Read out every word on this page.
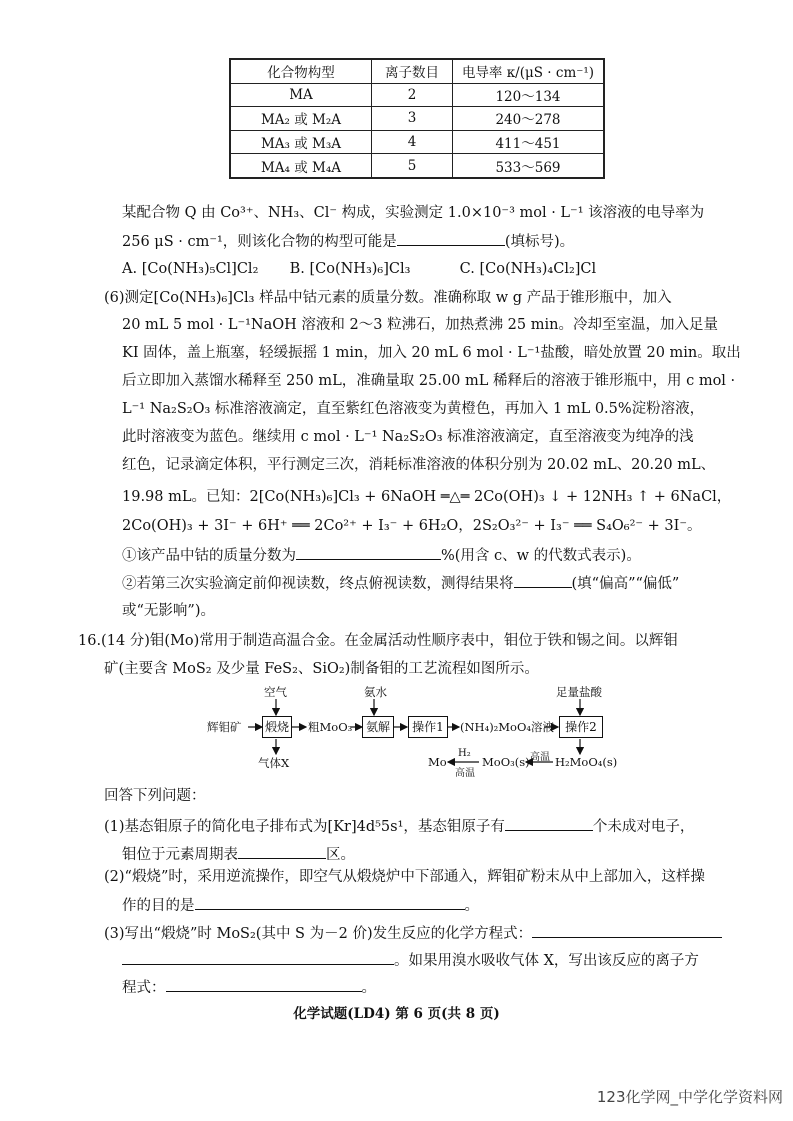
化合物构型	离子数目	电导率 κ/(μS · cm⁻¹)
MA	2	120～134
MA₂ 或 M₂A	3	240～278
MA₃ 或 M₃A	4	411～451
MA₄ 或 M₄A	5	533～569
某配合物 Q 由 Co³⁺、NH₃、Cl⁻ 构成，实验测定 1.0×10⁻³ mol · L⁻¹ 该溶液的电导率为
256 μS · cm⁻¹，则该化合物的构型可能是	(填标号)。
A. [Co(NH₃)₅Cl]Cl₂ B. [Co(NH₃)₆]Cl₃	C. [Co(NH₃)₄Cl₂]Cl
(6)测定[Co(NH₃)₆]Cl₃ 样品中钴元素的质量分数。准确称取 w g 产品于锥形瓶中，加入
20 mL 5 mol · L⁻¹NaOH 溶液和 2～3 粒沸石，加热煮沸 25 min。冷却至室温，加入足量
KI 固体，盖上瓶塞，轻缓振摇 1 min，加入 20 mL 6 mol · L⁻¹盐酸，暗处放置 20 min。取出
后立即加入蒸馏水稀释至 250 mL，准确量取 25.00 mL 稀释后的溶液于锥形瓶中，用 c mol ·
L⁻¹ Na₂S₂O₃ 标准溶液滴定，直至紫红色溶液变为黄橙色，再加入 1 mL 0.5%淀粉溶液，
此时溶液变为蓝色。继续用 c mol · L⁻¹ Na₂S₂O₃ 标准溶液滴定，直至溶液变为纯净的浅
红色，记录滴定体积，平行测定三次，消耗标准溶液的体积分别为 20.02 mL、20.20 mL、
19.98 mL。已知：2[Co(NH₃)₆]Cl₃ + 6NaOH ═△═ 2Co(OH)₃ ↓ + 12NH₃ ↑ + 6NaCl，
2Co(OH)₃ + 3I⁻ + 6H⁺ ══ 2Co²⁺ + I₃⁻ + 6H₂O，2S₂O₃²⁻ + I₃⁻ ══ S₄O₆²⁻ + 3I⁻。
①该产品中钴的质量分数为	%(用含 c、w 的代数式表示)。
②若第三次实验滴定前仰视读数，终点俯视读数，测得结果将	(填“偏高”“偏低”
或“无影响”)。
16.(14 分)钼(Mo)常用于制造高温合金。在金属活动性顺序表中，钼位于铁和锡之间。以辉钼
矿(主要含 MoS₂ 及少量 FeS₂、SiO₂)制备钼的工艺流程如图所示。
辉钼矿
空气
煅烧
气体X
粗MoO₃
氨水
氨解	操作1	(NH₄)₂MoO₄溶液
足量盐酸
操作2
H₂MoO₄(s)
高温
MoO₃(s)
H₂
高温
Mo
回答下列问题：
(1)基态钼原子的简化电子排布式为[Kr]4d⁵5s¹，基态钼原子有	个未成对电子，
钼位于元素周期表	区。
(2)“煅烧”时，采用逆流操作，即空气从煅烧炉中下部通入，辉钼矿粉末从中上部加入，这样操
作的目的是	。
(3)写出“煅烧”时 MoS₂(其中 S 为－2 价)发生反应的化学方程式：
。如果用溴水吸收气体 X，写出该反应的离子方
程式：	。
化学试题(LD4) 第 6 页(共 8 页)
123化学网_中学化学资料网
